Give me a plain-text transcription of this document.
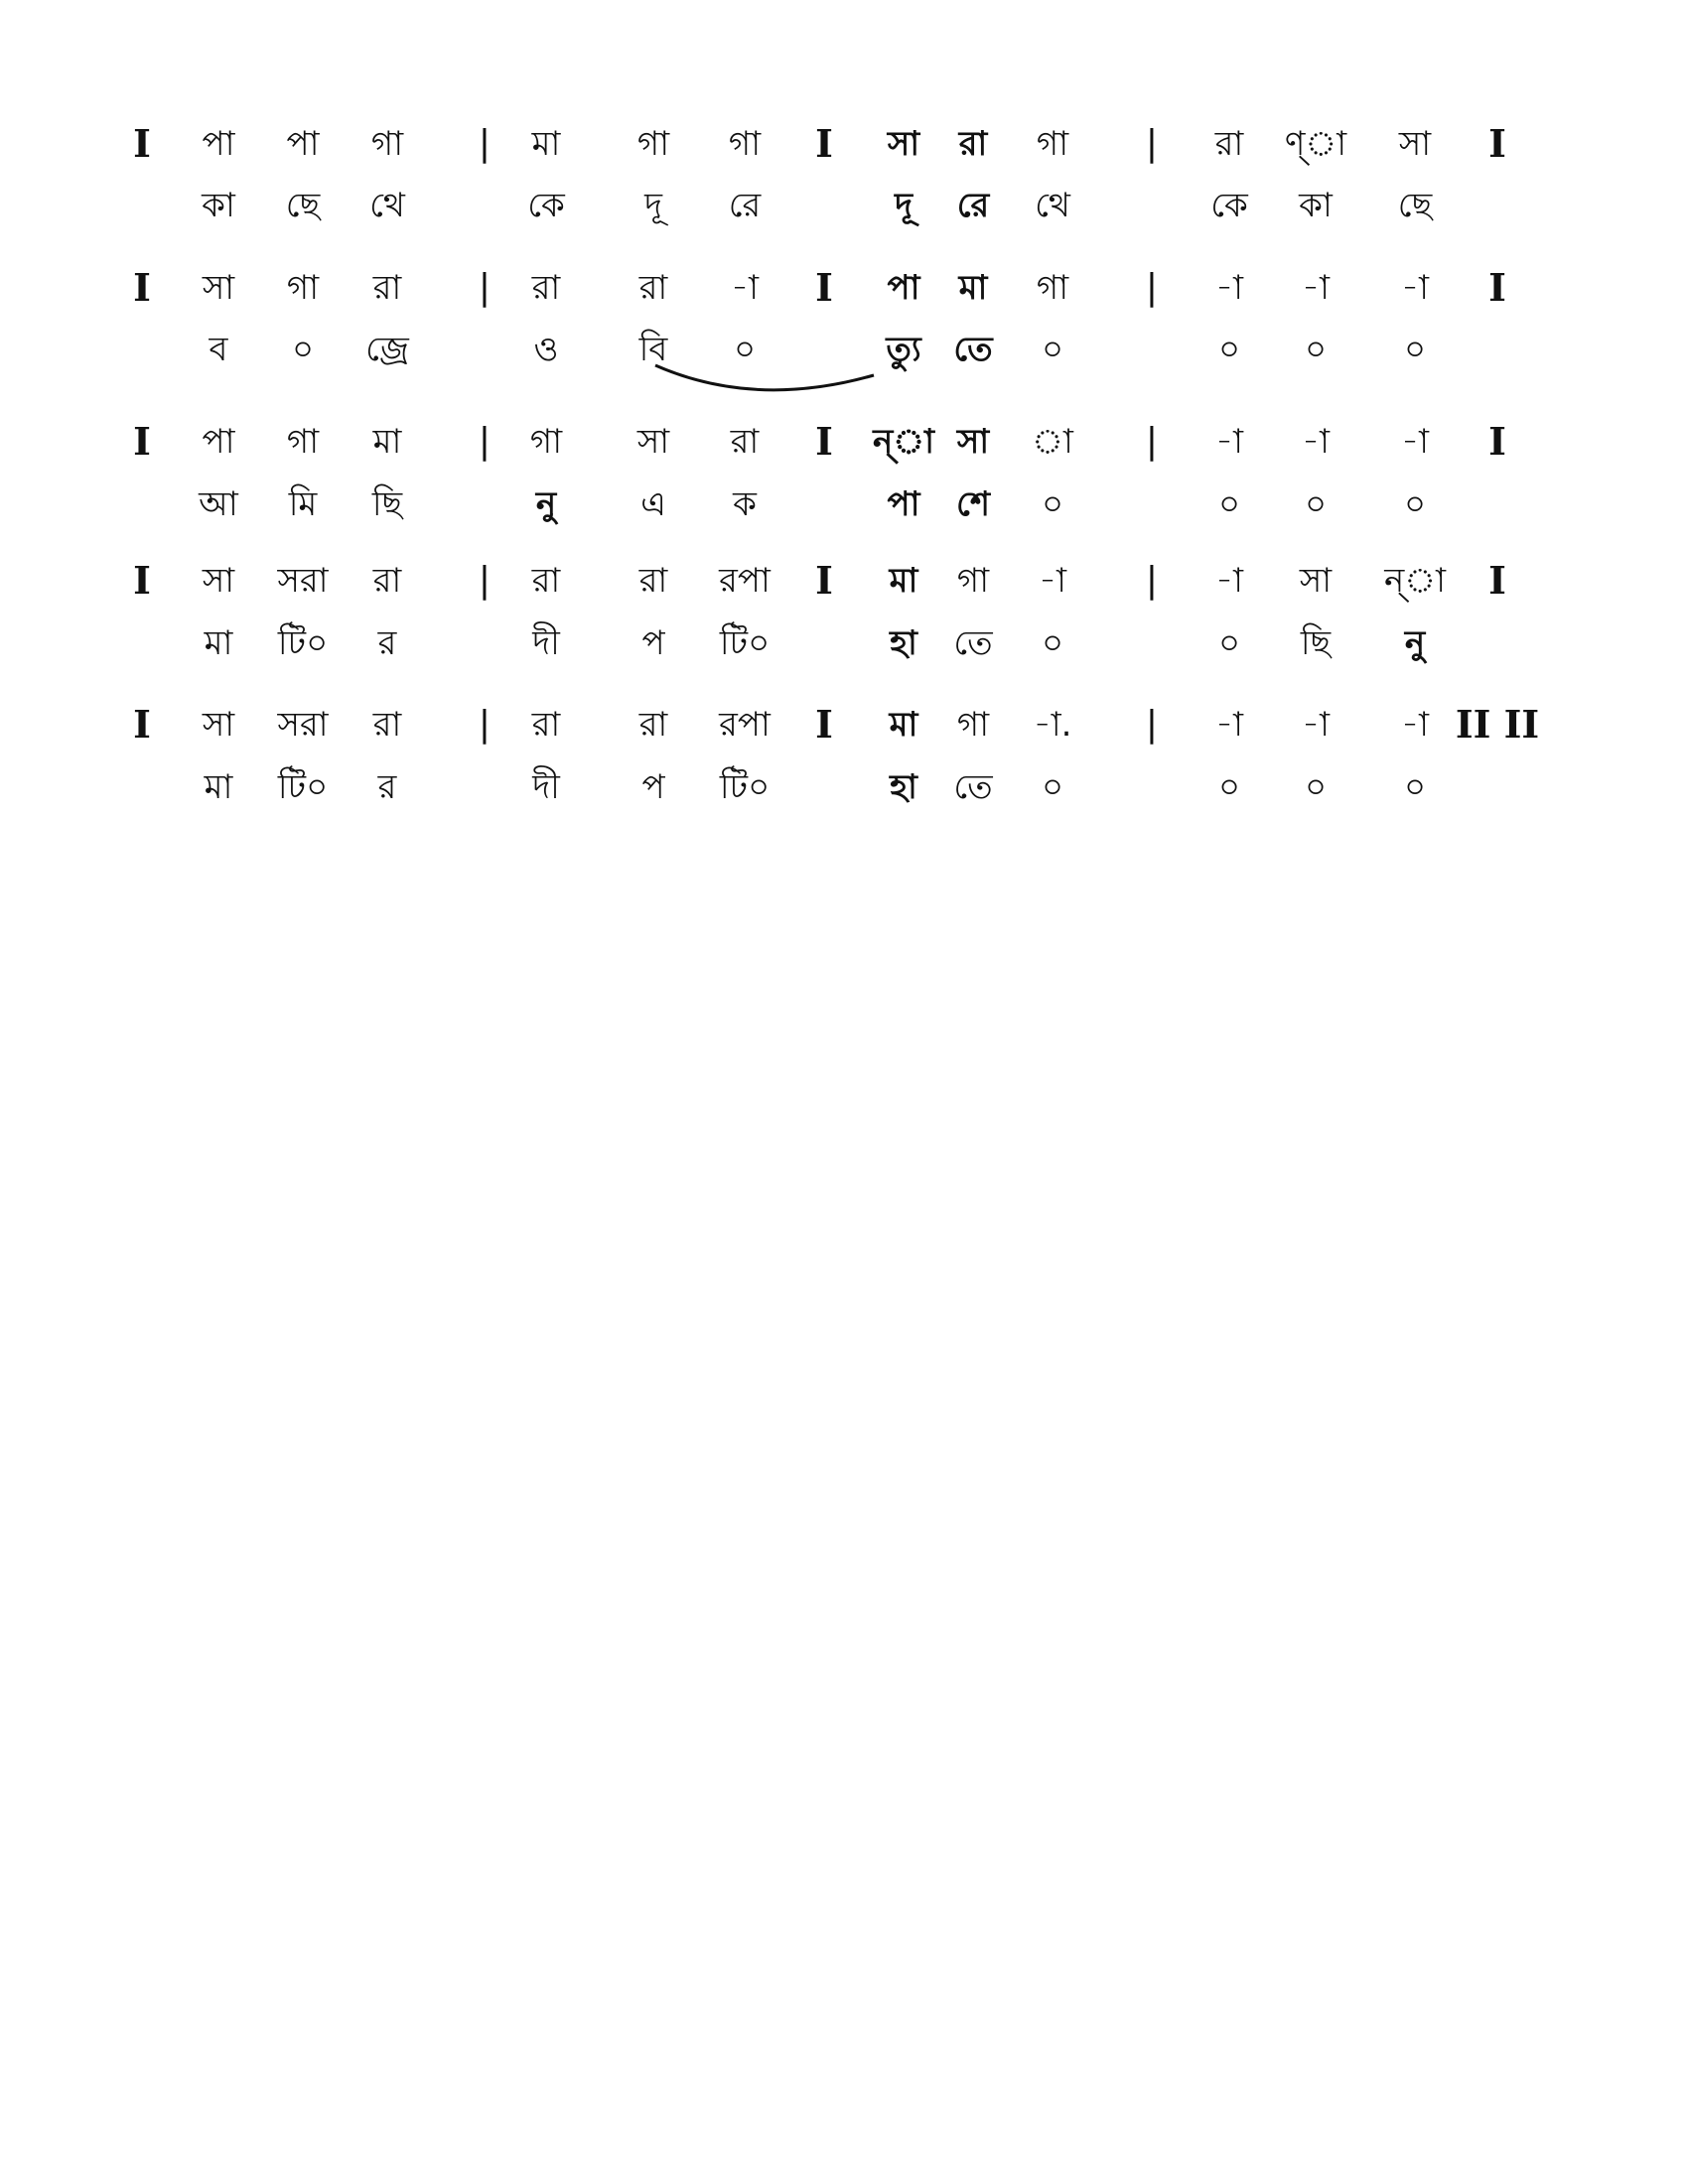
I পা পা গা | মা গা গা I সা রা গা | রা ণ্া সা I
কা ছে থে	কে দূ রে	দূ রে থে	কে কা ছে
I সা গা রা | রা রা -া I পা মা গা | -া -া -া I
ব ০ জ্রে	ও বি ০	ত্যু তে ০	০ ০ ০
I পা গা মা | গা সা রা I ন্া সা া | -া -া -া I
আ মি ছি	নু এ ক	পা শে ০	০ ০ ০
I সা সরা রা | রা রা রপা I মা গা -া | -া সা ন্া I
মা টি০ র	দী প টি০	হা তে ০	০ ছি নু
I সা সরা রা | রা রা রপা I মা গা -া. | -া -া -া II II
মা টি০ র	দী প টি০	হা তে ০	০ ০ ০
